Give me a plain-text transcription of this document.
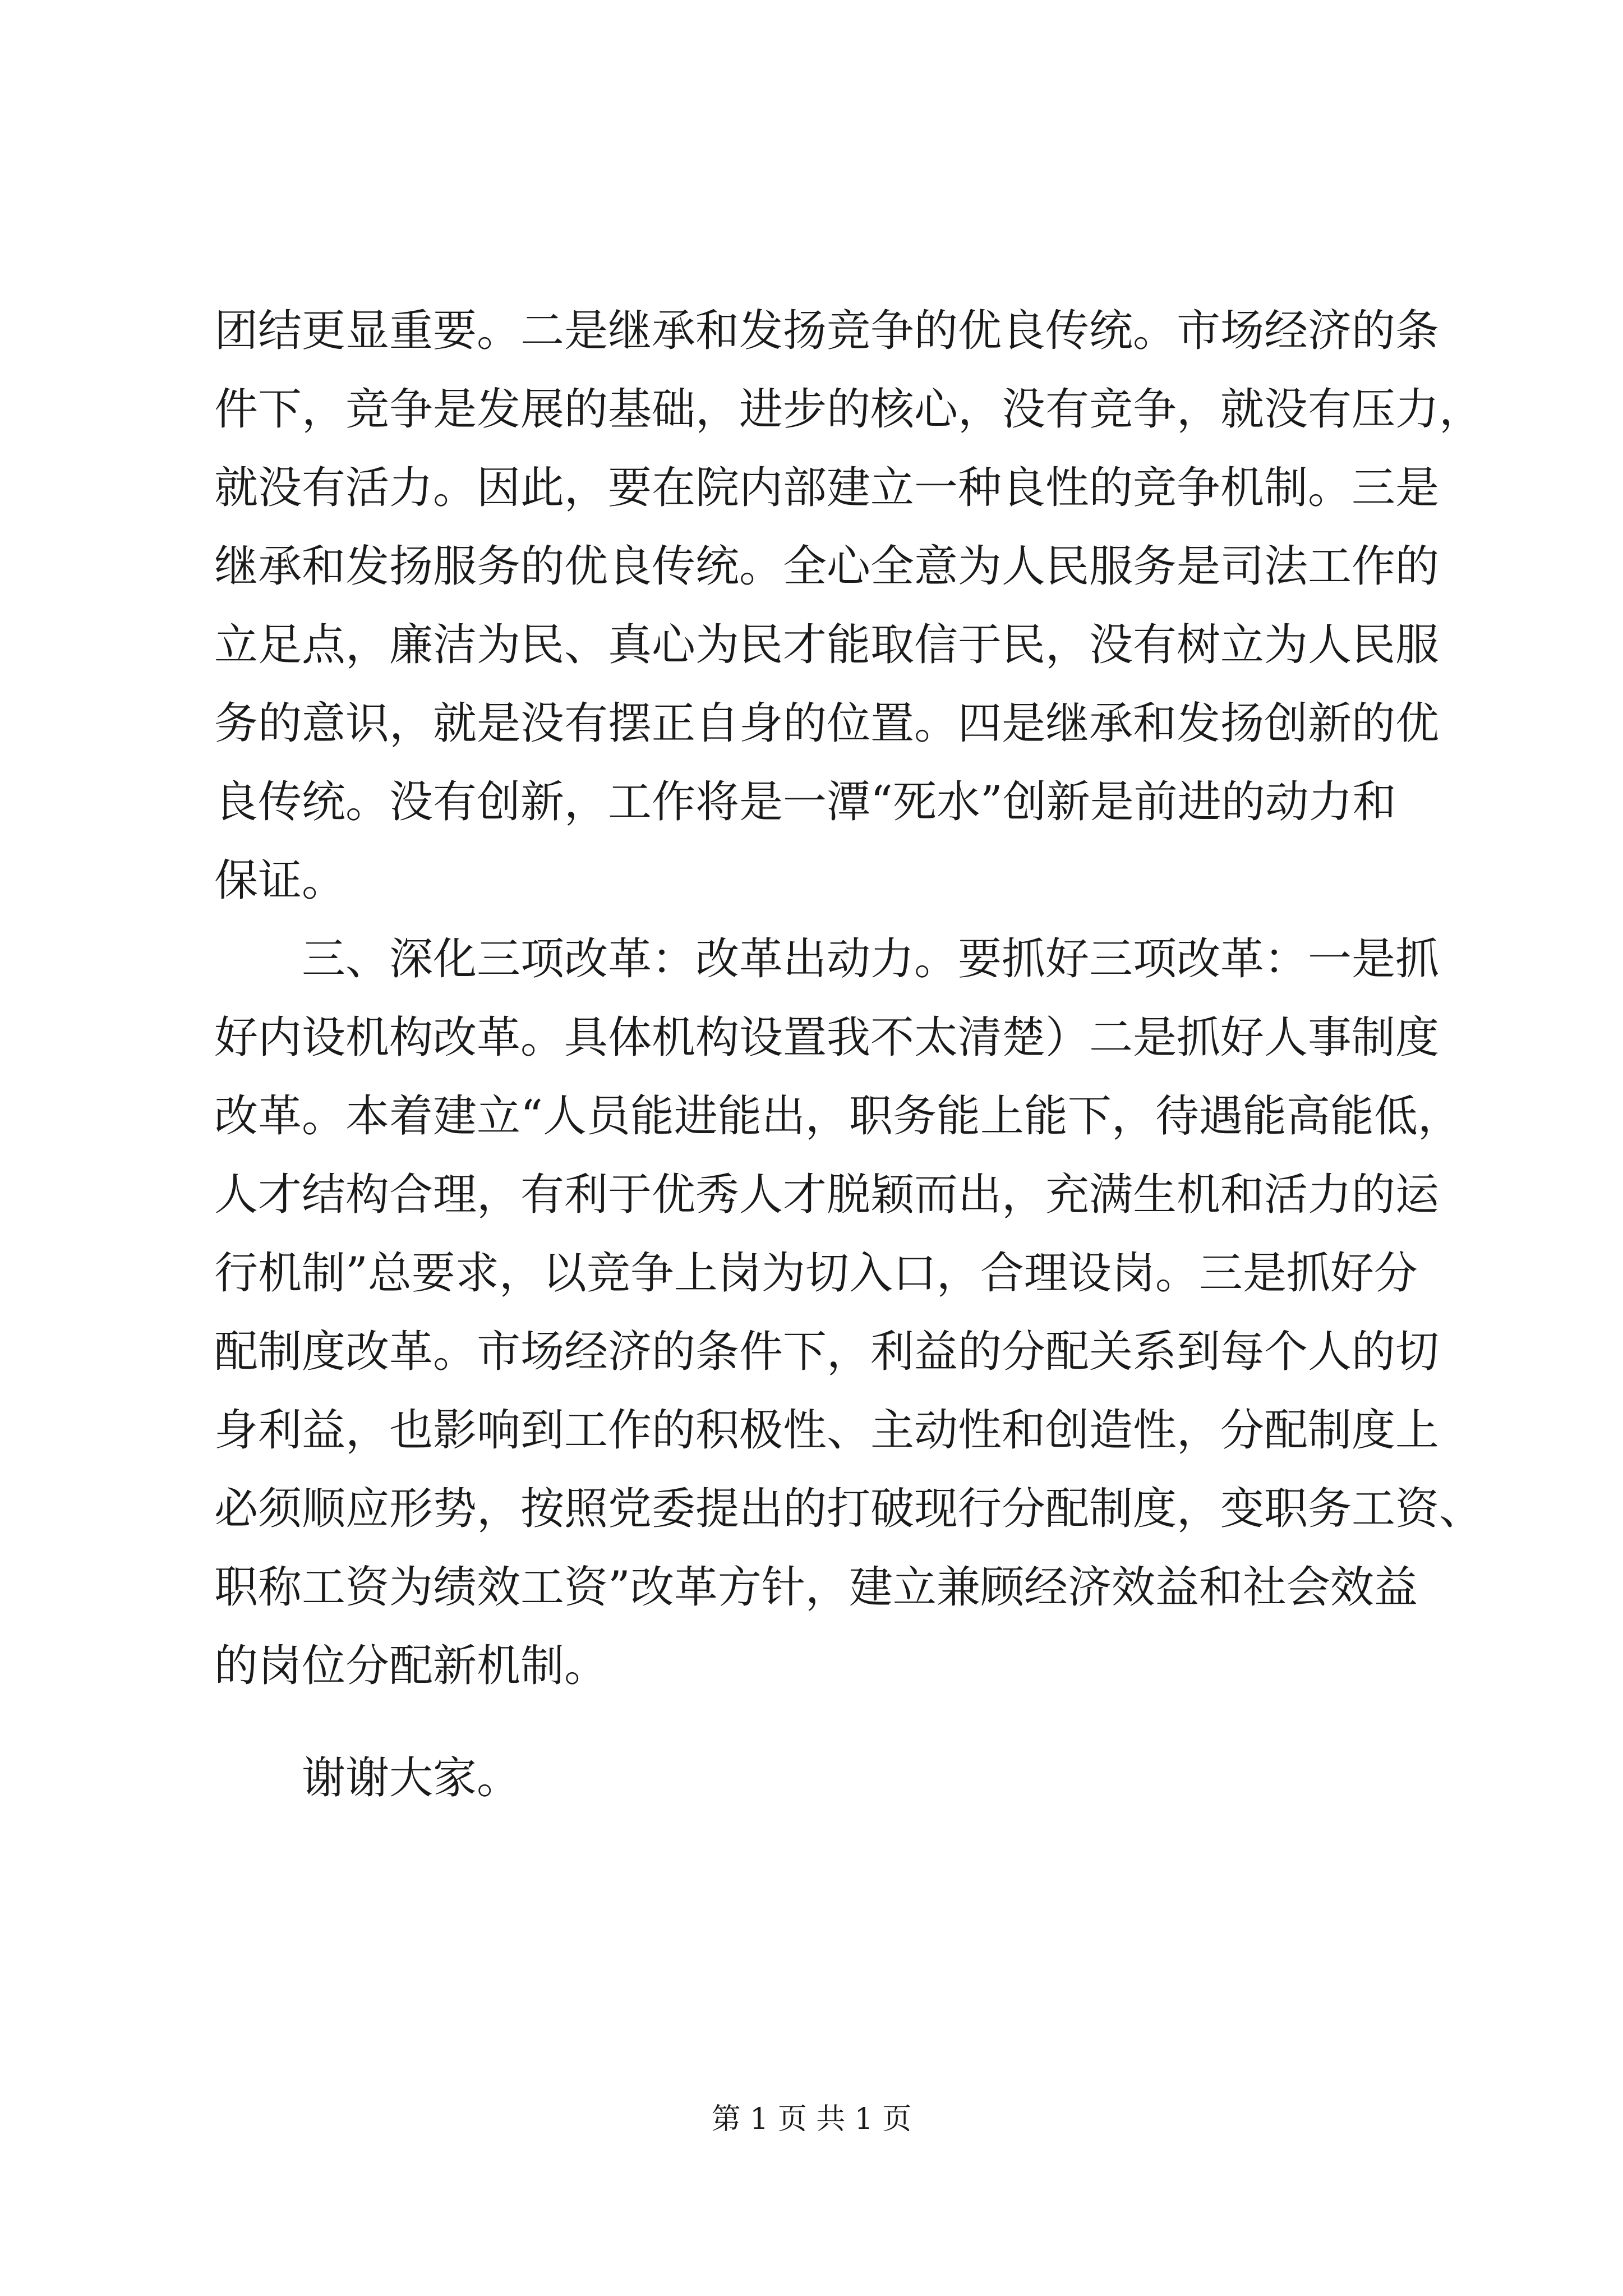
团结更显重要。二是继承和发扬竞争的优良传统。市场经济的条
件下，竞争是发展的基础，进步的核心，没有竞争，就没有压力，
就没有活力。因此，要在院内部建立一种良性的竞争机制。三是
继承和发扬服务的优良传统。全心全意为人民服务是司法工作的
立足点，廉洁为民、真心为民才能取信于民，没有树立为人民服
务的意识，就是没有摆正自身的位置。四是继承和发扬创新的优
良传统。没有创新，工作将是一潭“死水”创新是前进的动力和
保证。
三、深化三项改革：改革出动力。要抓好三项改革：一是抓
好内设机构改革。具体机构设置我不太清楚）二是抓好人事制度
改革。本着建立“人员能进能出，职务能上能下，待遇能高能低，
人才结构合理，有利于优秀人才脱颖而出，充满生机和活力的运
行机制”总要求，以竞争上岗为切入口，合理设岗。三是抓好分
配制度改革。市场经济的条件下，利益的分配关系到每个人的切
身利益，也影响到工作的积极性、主动性和创造性，分配制度上
必须顺应形势，按照党委提出的打破现行分配制度，变职务工资、
职称工资为绩效工资”改革方针，建立兼顾经济效益和社会效益
的岗位分配新机制。
谢谢大家。
第 1 页 共 1 页
